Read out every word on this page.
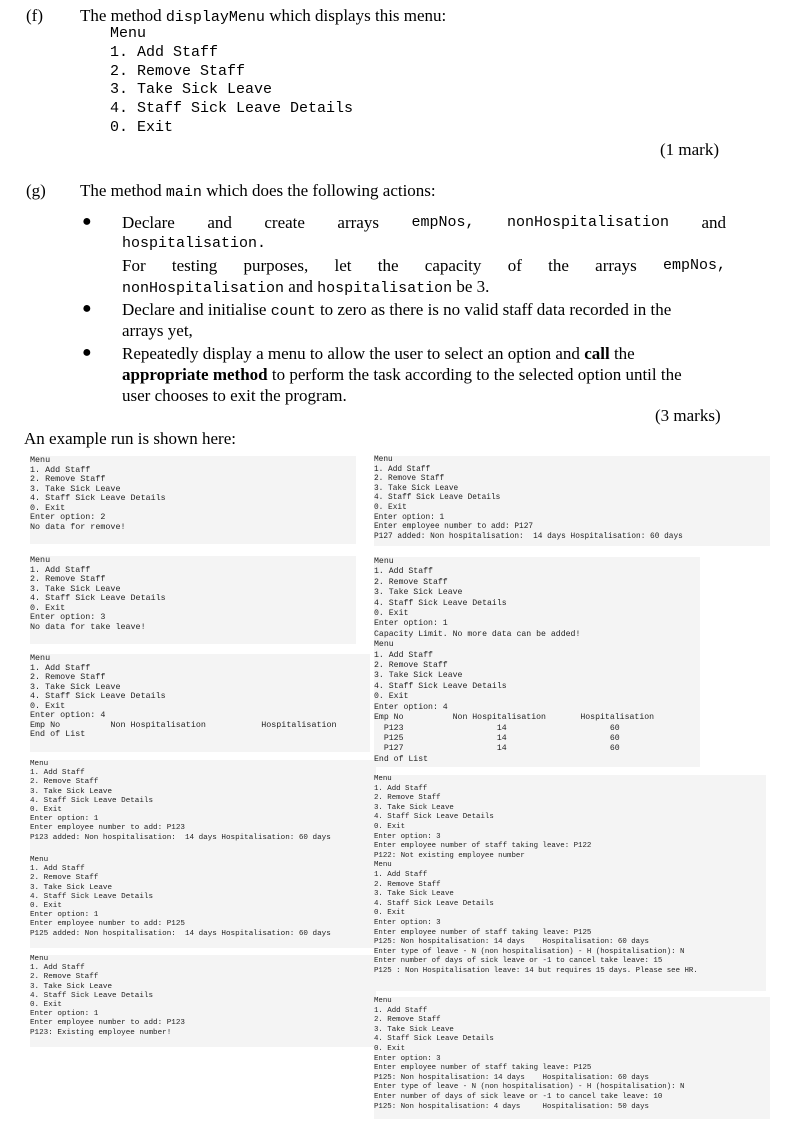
(f) The method displayMenu which displays this menu:
Menu
1. Add Staff
2. Remove Staff
3. Take Sick Leave
4. Staff Sick Leave Details
0. Exit
(1 mark)
(g) The method main which does the following actions:
● Declare and create arrays empNos, nonHospitalisation and
hospitalisation.
For testing purposes, let the capacity of the arrays empNos,
nonHospitalisation and hospitalisation be 3.
● Declare and initialise count to zero as there is no valid staff data recorded in the
arrays yet,
● Repeatedly display a menu to allow the user to select an option and call the
appropriate method to perform the task according to the selected option until the
user chooses to exit the program.
(3 marks)
An example run is shown here:
Menu
1. Add Staff
2. Remove Staff
3. Take Sick Leave
4. Staff Sick Leave Details
0. Exit
Enter option: 2
No data for remove!
Menu
1. Add Staff
2. Remove Staff
3. Take Sick Leave
4. Staff Sick Leave Details
0. Exit
Enter option: 3
No data for take leave!
Menu
1. Add Staff
2. Remove Staff
3. Take Sick Leave
4. Staff Sick Leave Details
0. Exit
Enter option: 4
Emp No          Non Hospitalisation           Hospitalisation
End of List
Menu
1. Add Staff
2. Remove Staff
3. Take Sick Leave
4. Staff Sick Leave Details
0. Exit
Enter option: 1
Enter employee number to add: P123
P123 added: Non hospitalisation:  14 days Hospitalisation: 60 days
Menu
1. Add Staff
2. Remove Staff
3. Take Sick Leave
4. Staff Sick Leave Details
0. Exit
Enter option: 1
Enter employee number to add: P125
P125 added: Non hospitalisation:  14 days Hospitalisation: 60 days
Menu
1. Add Staff
2. Remove Staff
3. Take Sick Leave
4. Staff Sick Leave Details
0. Exit
Enter option: 1
Enter employee number to add: P123
P123: Existing employee number!
Menu
1. Add Staff
2. Remove Staff
3. Take Sick Leave
4. Staff Sick Leave Details
0. Exit
Enter option: 1
Enter employee number to add: P127
P127 added: Non hospitalisation:  14 days Hospitalisation: 60 days
Menu
1. Add Staff
2. Remove Staff
3. Take Sick Leave
4. Staff Sick Leave Details
0. Exit
Enter option: 1
Capacity Limit. No more data can be added!
Menu
1. Add Staff
2. Remove Staff
3. Take Sick Leave
4. Staff Sick Leave Details
0. Exit
Enter option: 4
Emp No          Non Hospitalisation       Hospitalisation
P123                   14                     60
P125                   14                     60
P127                   14                     60
End of List
Menu
1. Add Staff
2. Remove Staff
3. Take Sick Leave
4. Staff Sick Leave Details
0. Exit
Enter option: 3
Enter employee number of staff taking leave: P122
P122: Not existing employee number
Menu
1. Add Staff
2. Remove Staff
3. Take Sick Leave
4. Staff Sick Leave Details
0. Exit
Enter option: 3
Enter employee number of staff taking leave: P125
P125: Non hospitalisation: 14 days    Hospitalisation: 60 days
Enter type of leave - N (non hospitalisation) - H (hospitalisation): N
Enter number of days of sick leave or -1 to cancel take leave: 15
P125 : Non Hospitalisation leave: 14 but requires 15 days. Please see HR.
Menu
1. Add Staff
2. Remove Staff
3. Take Sick Leave
4. Staff Sick Leave Details
0. Exit
Enter option: 3
Enter employee number of staff taking leave: P125
P125: Non hospitalisation: 14 days    Hospitalisation: 60 days
Enter type of leave - N (non hospitalisation) - H (hospitalisation): N
Enter number of days of sick leave or -1 to cancel take leave: 10
P125: Non hospitalisation: 4 days     Hospitalisation: 50 days
